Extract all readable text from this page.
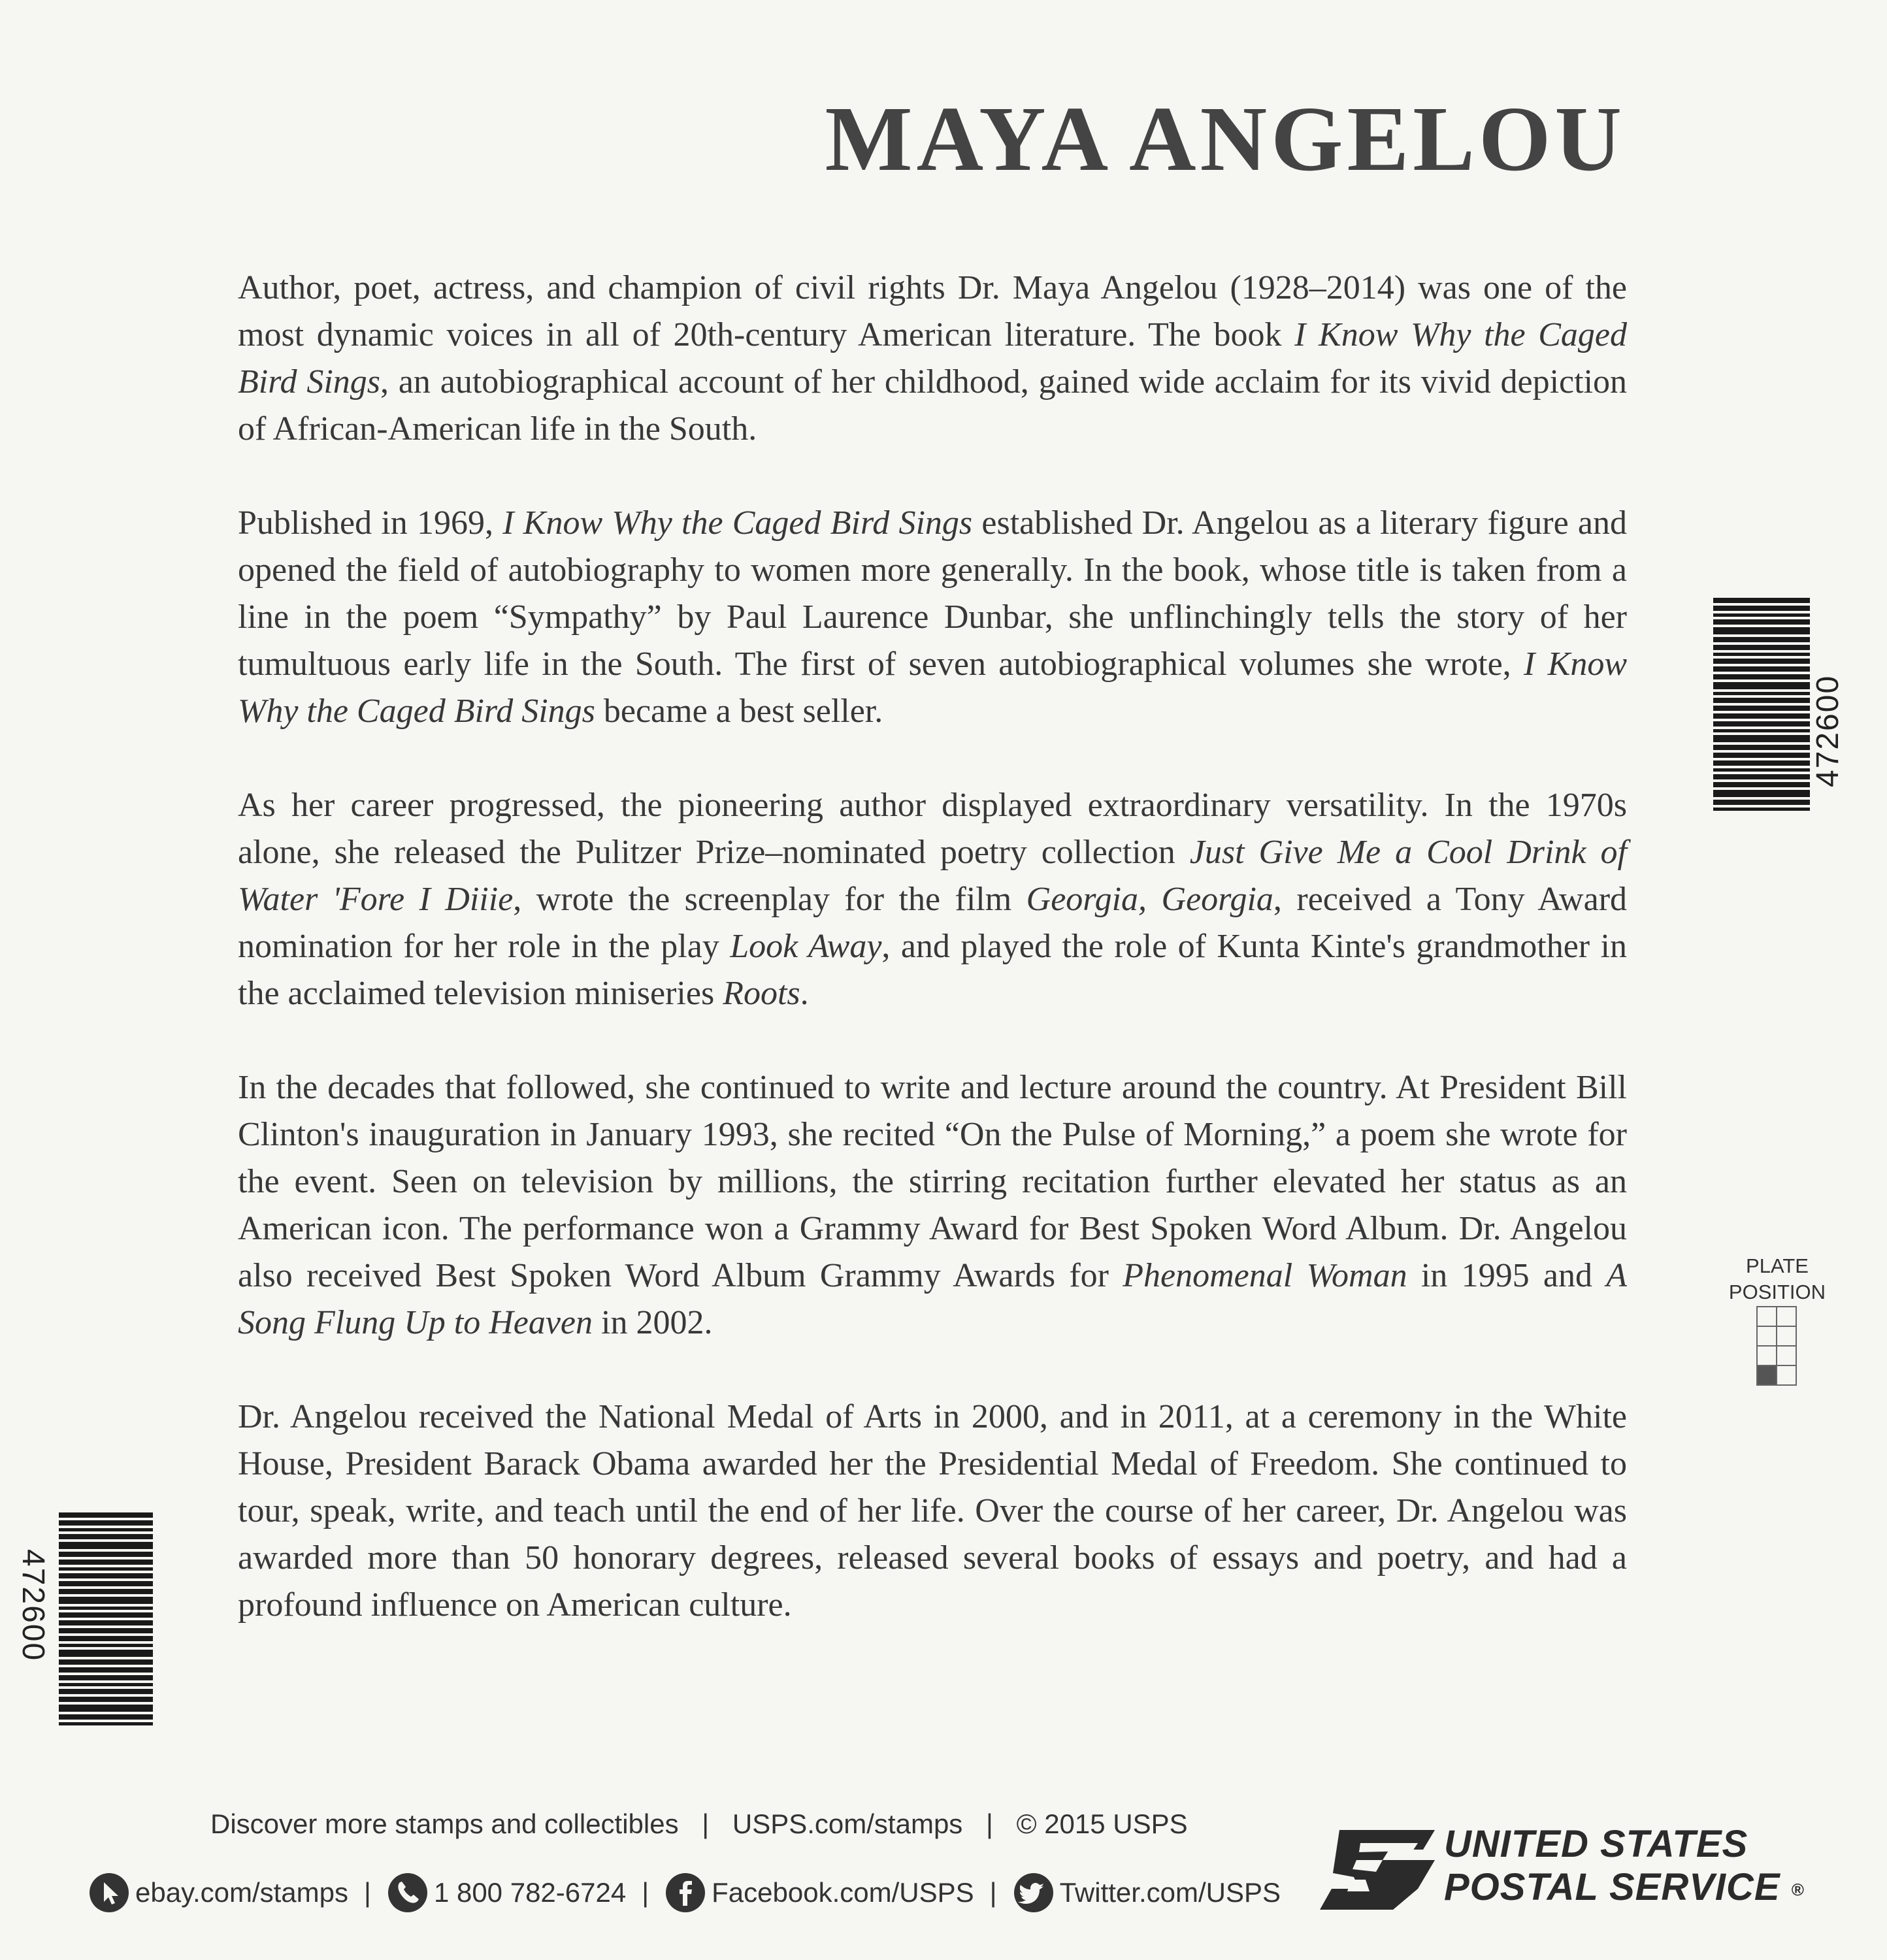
MAYA ANGELOU

Author, poet, actress, and champion of civil rights Dr. Maya Angelou (1928–2014) was one of the most dynamic voices in all of 20th-century American literature. The book I Know Why the Caged Bird Sings, an autobiographical account of her childhood, gained wide acclaim for its vivid depiction of African-American life in the South.

Published in 1969, I Know Why the Caged Bird Sings established Dr. Angelou as a literary figure and opened the field of autobiography to women more generally. In the book, whose title is taken from a line in the poem “Sympathy” by Paul Laurence Dunbar, she unflinchingly tells the story of her tumultuous early life in the South. The first of seven autobiographical volumes she wrote, I Know Why the Caged Bird Sings became a best seller.

As her career progressed, the pioneering author displayed extraordinary versatility. In the 1970s alone, she released the Pulitzer Prize–nominated poetry collection Just Give Me a Cool Drink of Water 'Fore I Diiie, wrote the screenplay for the film Georgia, Georgia, received a Tony Award nomination for her role in the play Look Away, and played the role of Kunta Kinte's grandmother in the acclaimed television miniseries Roots.

In the decades that followed, she continued to write and lecture around the country. At President Bill Clinton's inauguration in January 1993, she recited “On the Pulse of Morning,” a poem she wrote for the event. Seen on television by millions, the stirring recitation further elevated her status as an American icon. The performance won a Grammy Award for Best Spoken Word Album. Dr. Angelou also received Best Spoken Word Album Grammy Awards for Phenomenal Woman in 1995 and A Song Flung Up to Heaven in 2002.

Dr. Angelou received the National Medal of Arts in 2000, and in 2011, at a ceremony in the White House, President Barack Obama awarded her the Presidential Medal of Freedom. She continued to tour, speak, write, and teach until the end of her life. Over the course of her career, Dr. Angelou was awarded more than 50 honorary degrees, released several books of essays and poetry, and had a profound influence on American culture.

472600
472600
PLATE
POSITION
Discover more stamps and collectibles | USPS.com/stamps | © 2015 USPS
ebay.com/stamps | 1 800 782-6724 | Facebook.com/USPS | Twitter.com/USPS
UNITED STATES
POSTAL SERVICE ®
